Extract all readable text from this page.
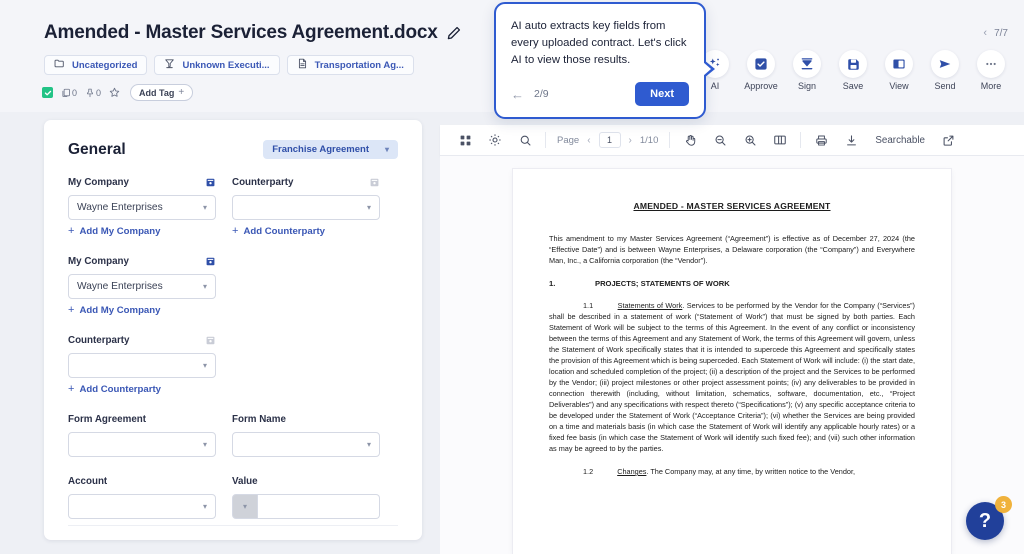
Amended - Master Services Agreement.docx
Uncategorized	Unknown Executi...	Transportation Ag...
0 0	Add Tag +
‹ 7/7
AI	Approve Sign	Save	View	Send	More
AI auto extracts key fields from every uploaded contract. Let's click AI to view those results.
← 2/9	Next
General	Franchise Agreement ▾
My Company
Wayne Enterprises	▾
+ Add My Company
Counterparty
▾
+ Add Counterparty
My Company
Wayne Enterprises	▾
+ Add My Company
Counterparty
▾
+ Add Counterparty
Form Agreement
▾
Form Name
▾
Account
▾
Value
▾
Page ‹	1	› 1/10	Searchable
AMENDED - MASTER SERVICES AGREEMENT
This amendment to my Master Services Agreement (“Agreement”) is effective as of December 27, 2024 (the “Effective Date”) and is between Wayne Enterprises, a Delaware corporation (the “Company”) and Everywhere Man, Inc., a California corporation (the “Vendor”).
1.	PROJECTS; STATEMENTS OF WORK
1.1	Statements of Work. Services to be performed by the Vendor for the Company (“Services”) shall be described in a statement of work (“Statement of Work”) that must be signed by both parties. Each Statement of Work will be subject to the terms of this Agreement. In the event of any conflict or inconsistency between the terms of this Agreement and any Statement of Work, the terms of this Agreement will govern, unless the Statement of Work specifically states that it is intended to supercede this Agreement and specifically states the provision of this Agreement which is being superceded. Each Statement of Work will include: (i) the start date, location and scheduled completion of the project; (ii) a description of the project and the Services to be performed by the Vendor; (iii) project milestones or other project assessment points; (iv) any deliverables to be provided in connection therewith (including, without limitation, schematics, software, documentation, etc., “Project Deliverables”) and any specifications with respect thereto (“Specifications”); (v) any specific acceptance criteria to be developed under the Statement of Work (“Acceptance Criteria”); (vi) whether the Services are being provided on a time and materials basis (in which case the Statement of Work will identify any applicable hourly rates) or a fixed fee basis (in which case the Statement of Work will identify such fixed fee); and (vii) such other information as may be agreed to by the parties.
1.2	Changes. The Company may, at any time, by written notice to the Vendor,
?
3
